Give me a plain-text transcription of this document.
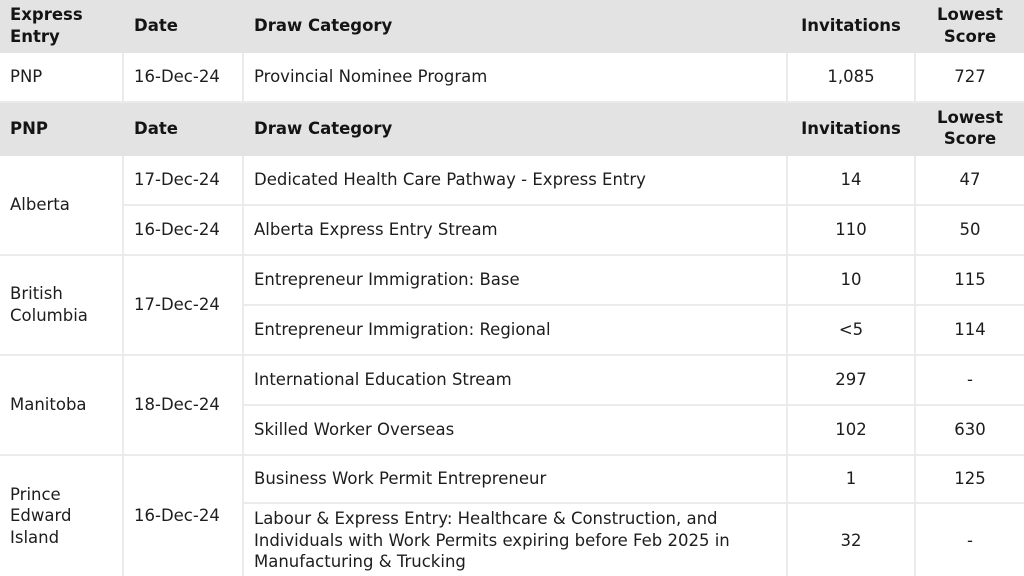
Express Entry	Date	Draw Category	Invitations	Lowest Score
PNP	16-Dec-24	Provincial Nominee Program	1,085	727
PNP	Date	Draw Category	Invitations	Lowest Score
Alberta	17-Dec-24	Dedicated Health Care Pathway - Express Entry	14	47
	16-Dec-24	Alberta Express Entry Stream	110	50
British Columbia	17-Dec-24	Entrepreneur Immigration: Base	10	115
		Entrepreneur Immigration: Regional	<5	114
Manitoba	18-Dec-24	International Education Stream	297	-
		Skilled Worker Overseas	102	630
Prince Edward Island	16-Dec-24	Business Work Permit Entrepreneur	1	125
		Labour & Express Entry: Healthcare & Construction, and Individuals with Work Permits expiring before Feb 2025 in Manufacturing & Trucking	32	-
